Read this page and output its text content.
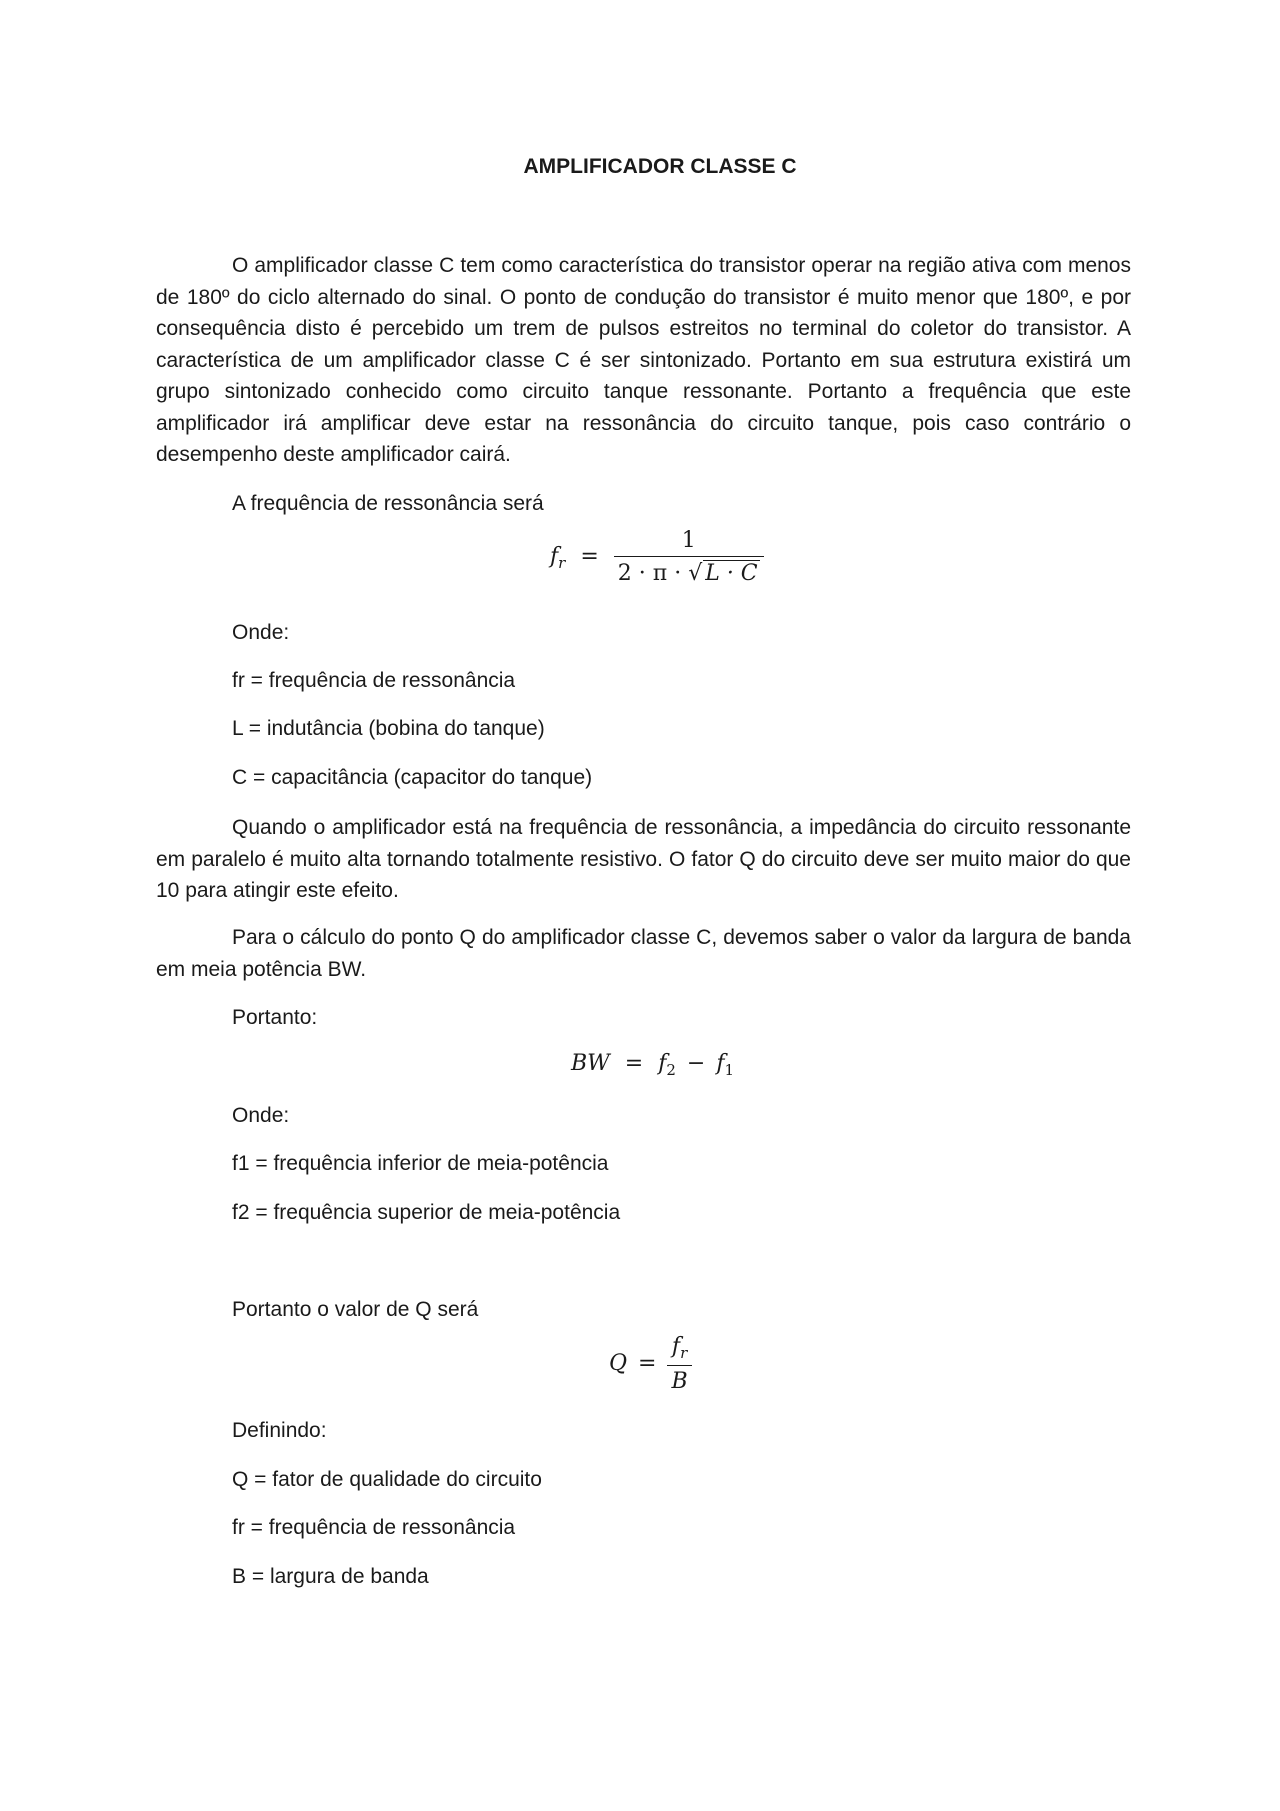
AMPLIFICADOR CLASSE C
O amplificador classe C tem como característica do transistor operar na região ativa com menos de 180º do ciclo alternado do sinal. O ponto de condução do transistor é muito menor que 180º, e por consequência disto é percebido um trem de pulsos estreitos no terminal do coletor do transistor. A característica de um amplificador classe C é ser sintonizado. Portanto em sua estrutura existirá um grupo sintonizado conhecido como circuito tanque ressonante. Portanto a frequência que este amplificador irá amplificar deve estar na ressonância do circuito tanque, pois caso contrário o desempenho deste amplificador cairá.
A frequência de ressonância será
$f_r = \frac{1}{2 \cdot \pi \cdot √ L \cdot C}$
Onde:
fr = frequência de ressonância
L = indutância (bobina do tanque)
C = capacitância (capacitor do tanque)
Quando o amplificador está na frequência de ressonância, a impedância do circuito ressonante em paralelo é muito alta tornando totalmente resistivo. O fator Q do circuito deve ser muito maior do que 10 para atingir este efeito.
Para o cálculo do ponto Q do amplificador classe C, devemos saber o valor da largura de banda em meia potência BW.
Portanto:
BW = $f_2 - f_1$
Onde:
f1 = frequência inferior de meia-potência
f2 = frequência superior de meia-potência
Portanto o valor de Q será
$Q = \frac{f_r}{B}$
Definindo:
Q = fator de qualidade do circuito
fr = frequência de ressonância
B = largura de banda
